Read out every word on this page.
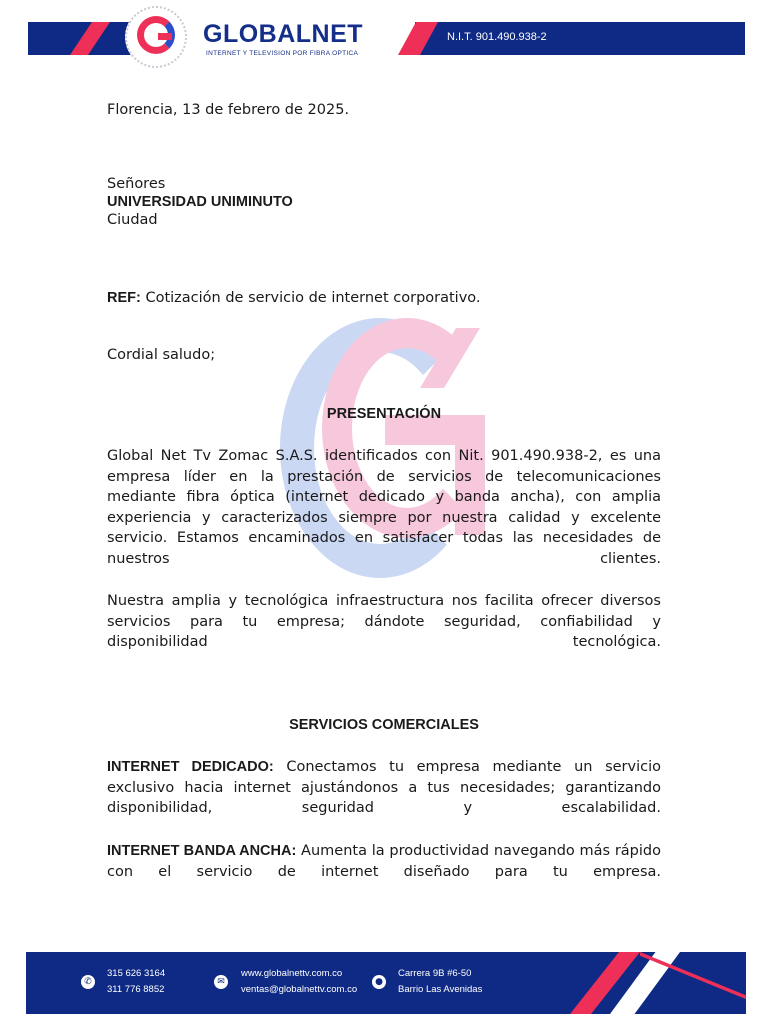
GLOBALNET
INTERNET Y TELEVISION POR FIBRA OPTICA
N.I.T. 901.490.938-2
Florencia, 13 de febrero de 2025.
Señores
UNIVERSIDAD UNIMINUTO
Ciudad
REF: Cotización de servicio de internet corporativo.
Cordial saludo;
PRESENTACIÓN
Global Net Tv Zomac S.A.S. identificados con Nit. 901.490.938-2, es una empresa líder en la prestación de servicios de telecomunicaciones mediante fibra óptica (internet dedicado y banda ancha), con amplia experiencia y caracterizados siempre por nuestra calidad y excelente servicio. Estamos encaminados en satisfacer todas las necesidades de nuestros clientes.
Nuestra amplia y tecnológica infraestructura nos facilita ofrecer diversos servicios para tu empresa; dándote seguridad, confiabilidad y disponibilidad tecnológica.
SERVICIOS COMERCIALES
INTERNET DEDICADO: Conectamos tu empresa mediante un servicio exclusivo hacia internet ajustándonos a tus necesidades; garantizando disponibilidad, seguridad y escalabilidad.
INTERNET BANDA ANCHA: Aumenta la productividad navegando más rápido con el servicio de internet diseñado para tu empresa.
✆
315 626 3164
311 776 8852
✉
www.globalnettv.com.co
ventas@globalnettv.com.co
●
Carrera 9B #6-50
Barrio Las Avenidas
